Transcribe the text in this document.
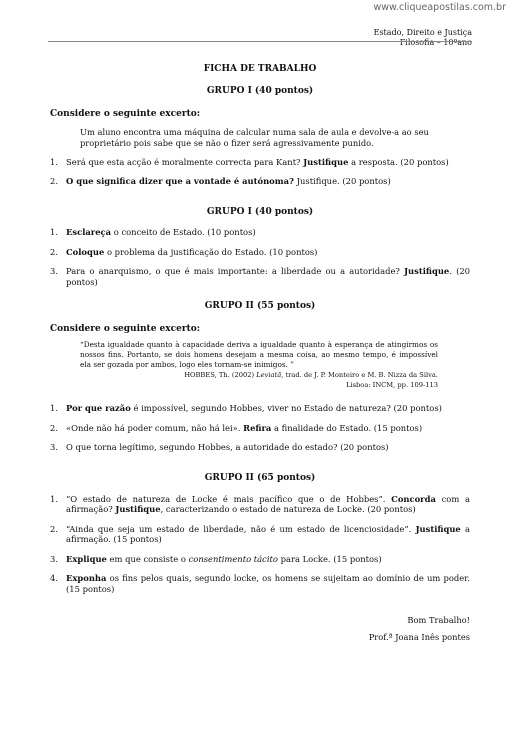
www.cliqueapostilas.com.br
Estado, Direito e Justiça
Filosofia – 10ºano
FICHA DE TRABALHO
GRUPO I (40 pontos)
Considere o seguinte excerto:

Um aluno encontra uma máquina de calcular numa sala de aula e devolve-a ao seu proprietário pois sabe que se não o fizer será agressivamente punido.

1. Será que esta acção é moralmente correcta para Kant? Justifique a resposta. (20 pontos)
2. O que significa dizer que a vontade é autónoma? Justifique. (20 pontos)
GRUPO I (40 pontos)
1. Esclareça o conceito de Estado. (10 pontos)
2. Coloque o problema da justificação do Estado. (10 pontos)
3. Para o anarquismo, o que é mais importante: a liberdade ou a autoridade? Justifique. (20 pontos)
GRUPO II (55 pontos)
Considere o seguinte excerto:

“Desta igualdade quanto à capacidade deriva a igualdade quanto à esperança de atingirmos os nossos fins. Portanto, se dois homens desejam a mesma coisa, ao mesmo tempo, é impossível ela ser gozada por ambos, logo eles tornam-se inimigos. ”

HOBBES, Th. (2002) Leviatã, trad. de J. P. Monteiro e M. B. Nizza da Silva.
Lisboa: INCM, pp. 109-113
1. Por que razão é impossível, segundo Hobbes, viver no Estado de natureza? (20 pontos)
2. «Onde não há poder comum, não há lei». Refira a finalidade do Estado. (15 pontos)
3. O que torna legítimo, segundo Hobbes, a autoridade do estado? (20 pontos)
GRUPO II (65 pontos)
1. “O estado de natureza de Locke é mais pacífico que o de Hobbes”. Concorda com a afirmação? Justifique, caracterizando o estado de natureza de Locke. (20 pontos)
2. “Ainda que seja um estado de liberdade, não é um estado de licenciosidade”. Justifique a afirmação. (15 pontos)
3. Explique em que consiste o consentimento tácito para Locke. (15 pontos)
4. Exponha os fins pelos quais, segundo locke, os homens se sujeitam ao domínio de um poder. (15 pontos)
Bom Trabalho!
Prof.ª Joana Inês pontes
